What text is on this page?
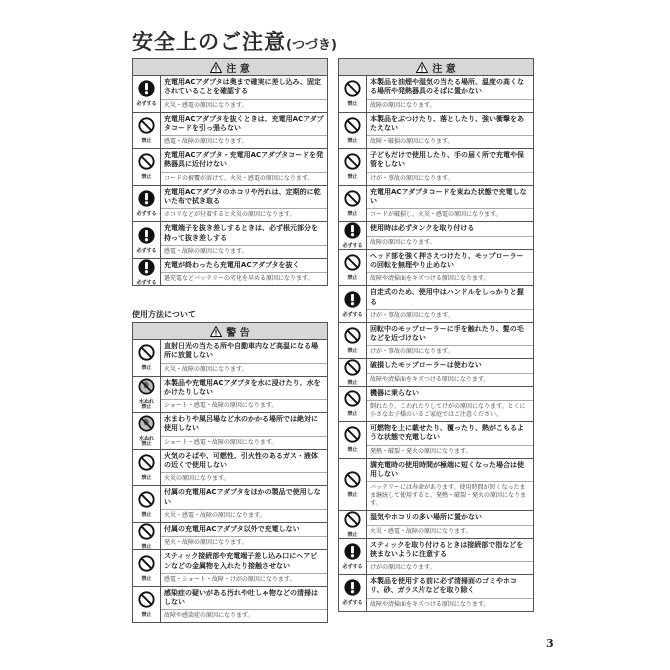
安全上のご注意(つづき)
注 意
必ずする
充電用ACアダプタは奥まで確実に差し込み、固定されていることを確認する
火災・感電の原因になります。
禁止
充電用ACアダプタを抜くときは、充電用ACアダプタコードを引っ張らない
感電・故障の原因になります。
禁止
充電用ACアダプタ・充電用ACアダプタコードを発熱器具に近付けない
コードの被覆が溶けて、火災・感電の原因になります。
必ずする
充電用ACアダプタのホコリや汚れは、定期的に乾いた布で拭き取る
ホコリなどが付着すると火災の原因になります。
必ずする
充電端子を抜き差しするときは、必ず根元部分を持って抜き差しする
感電・故障の原因になります。
必ずする
充電が終わったら充電用ACアダプタを抜く
過充電などバッテリーの劣化を早める原因になります。
使用方法について
警 告
禁止
直射日光の当たる所や自動車内など高温になる場所に放置しない
火災・故障の原因になります。
水ぬれ
禁止
本製品や充電用ACアダプタを水に浸けたり、水をかけたりしない
ショート・感電・故障の原因になります。
水ぬれ
禁止
水まわりや風呂場など水のかかる場所では絶対に使用しない
ショート・感電・故障の原因になります。
禁止
火気のそばや、可燃性、引火性のあるガス・液体の近くで使用しない
火災の原因になります。
禁止
付属の充電用ACアダプタをほかの製品で使用しない
火災・感電・故障の原因になります。
禁止
付属の充電用ACアダプタ以外で充電しない
発火・故障の原因になります。
禁止
スティック接続部や充電端子差し込み口にヘアピンなどの金属物を入れたり接触させない
感電・ショート・故障・けがの原因になります。
禁止
感染症の疑いがある汚れや吐しゃ物などの清掃はしない
故障や感染症の原因になります。
注 意
禁止
本製品を油煙や湿気の当たる場所、温度の高くなる場所や発熱器具のそばに置かない
故障の原因になります。
禁止
本製品をぶつけたり、落としたり、強い衝撃をあたえない
故障・破損の原因になります。
禁止
子どもだけで使用したり、手の届く所で充電や保管をしない
けが・事故の原因になります。
禁止
充電用ACアダプタコードを束ねた状態で充電しない
コードが破損し、火災・感電の原因になります。
必ずする
使用時は必ずタンクを取り付ける
故障の原因になります。
禁止
ヘッド部を強く押さえつけたり、モップローラーの回転を無理やり止めない
故障や清掃面をキズつける原因になります。
必ずする
自走式のため、使用中はハンドルをしっかりと握る
けが・事故の原因になります。
禁止
回転中のモップローラーに手を触れたり、髪の毛などを近づけない
けが・事故の原因になります。
禁止
破損したモップローラーは使わない
故障や清掃面をキズつける原因になります。
禁止
機器に乗らない
倒れたり、こわれたりしてけがの原因になります。とくに小さなお子様のいるご家庭ではご注意ください。
禁止
可燃物を上に載せたり、覆ったり、熱がこもるような状態で充電しない
発熱・破裂・発火の原因になります。
禁止
満充電時の使用時間が極端に短くなった場合は使用しない
バッテリーには寿命があります。使用時間が短くなったまま継続して使用すると、発熱・破裂・発火の原因になります。
禁止
湿気やホコリの多い場所に置かない
火災・感電・故障の原因になります。
必ずする
スティックを取り付けるときは接続部で指などを挟まないように注意する
けがの原因になります。
必ずする
本製品を使用する前に必ず清掃面のゴミやホコリ、砂、ガラス片などを取り除く
故障や清掃面をキズつける原因になります。
3
